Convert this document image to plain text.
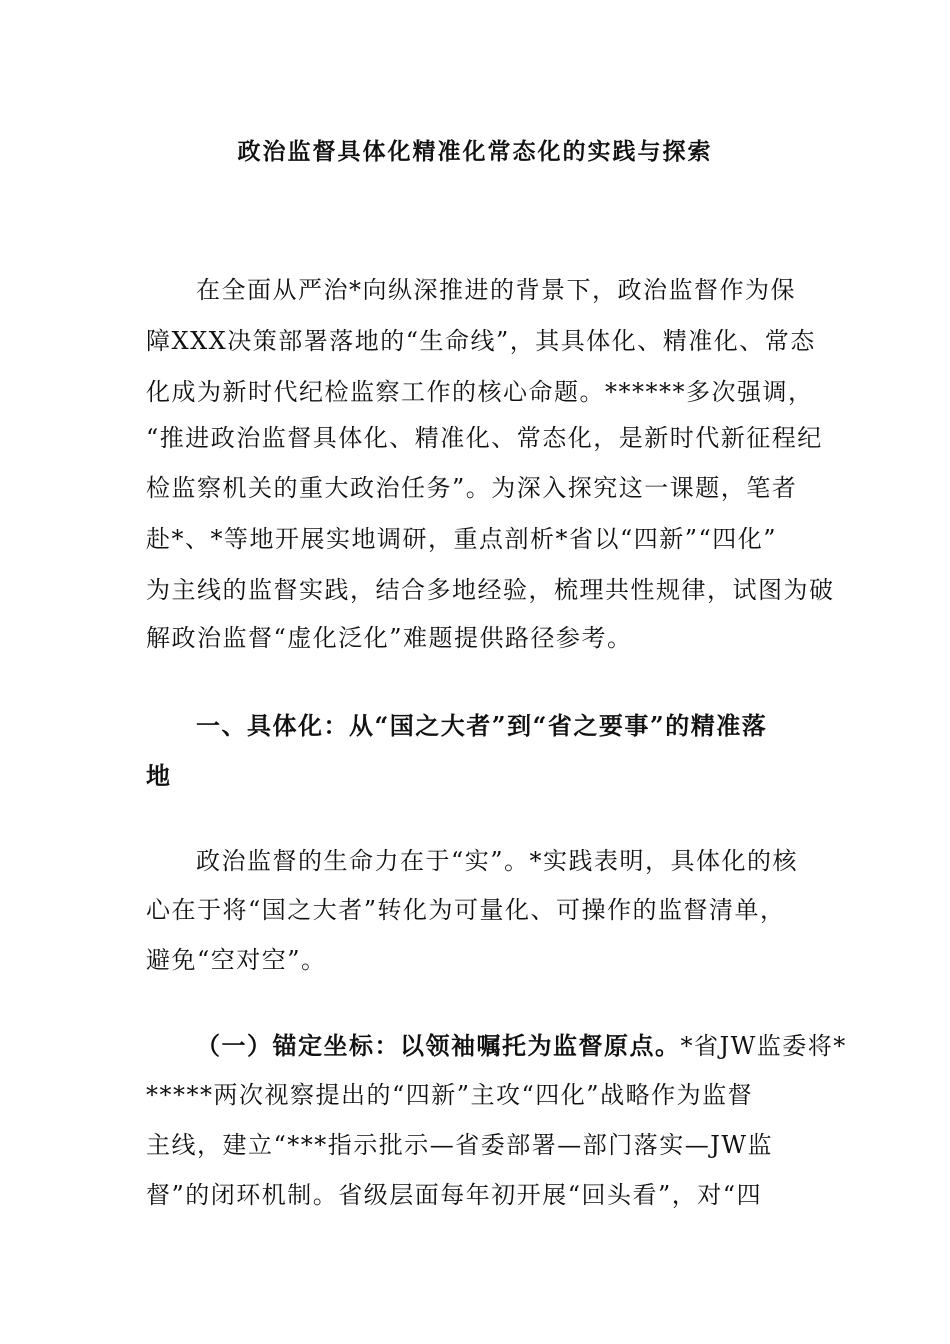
政治监督具体化精准化常态化的实践与探索
在全面从严治*向纵深推进的背景下，政治监督作为保
障XXX决策部署落地的“生命线”，其具体化、精准化、常态
化成为新时代纪检监察工作的核心命题。******多次强调，
“推进政治监督具体化、精准化、常态化，是新时代新征程纪
检监察机关的重大政治任务”。为深入探究这一课题，笔者
赴*、*等地开展实地调研，重点剖析*省以“四新”“四化”
为主线的监督实践，结合多地经验，梳理共性规律，试图为破
解政治监督“虚化泛化”难题提供路径参考。
一、具体化：从“国之大者”到“省之要事”的精准落
地
政治监督的生命力在于“实”。*实践表明，具体化的核
心在于将“国之大者”转化为可量化、可操作的监督清单，
避免“空对空”。
（一）锚定坐标：以领袖嘱托为监督原点。*省JW监委将*
*****两次视察提出的“四新”主攻“四化”战略作为监督
主线，建立“***指示批示—省委部署—部门落实—JW监
督”的闭环机制。省级层面每年初开展“回头看”，对“四
